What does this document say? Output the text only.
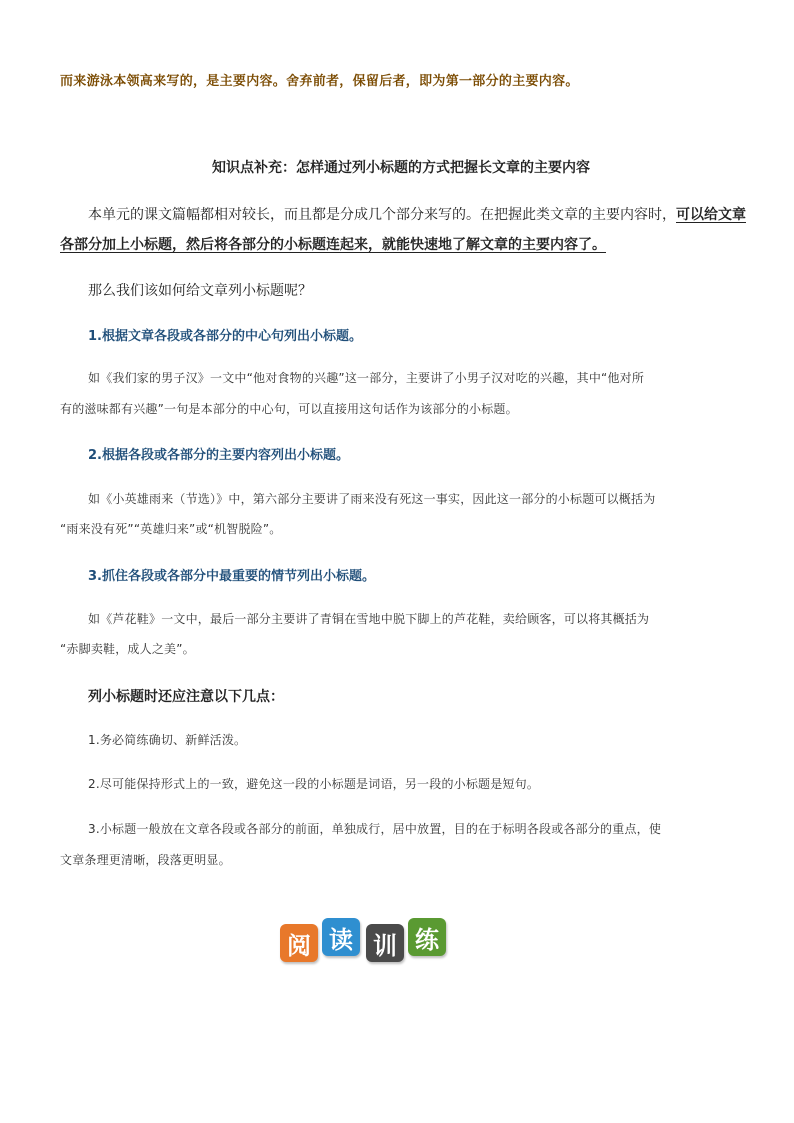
而来游泳本领高来写的，是主要内容。舍弃前者，保留后者，即为第一部分的主要内容。

知识点补充：怎样通过列小标题的方式把握长文章的主要内容

本单元的课文篇幅都相对较长，而且都是分成几个部分来写的。在把握此类文章的主要内容时，可以给文章

各部分加上小标题，然后将各部分的小标题连起来，就能快速地了解文章的主要内容了。

那么我们该如何给文章列小标题呢？

1.根据文章各段或各部分的中心句列出小标题。

如《我们家的男子汉》一文中“他对食物的兴趣”这一部分，主要讲了小男子汉对吃的兴趣，其中“他对所

有的滋味都有兴趣”一句是本部分的中心句，可以直接用这句话作为该部分的小标题。

2.根据各段或各部分的主要内容列出小标题。

如《小英雄雨来（节选）》中，第六部分主要讲了雨来没有死这一事实，因此这一部分的小标题可以概括为

“雨来没有死”“英雄归来”或“机智脱险”。

3.抓住各段或各部分中最重要的情节列出小标题。

如《芦花鞋》一文中，最后一部分主要讲了青铜在雪地中脱下脚上的芦花鞋，卖给顾客，可以将其概括为

“赤脚卖鞋，成人之美”。

列小标题时还应注意以下几点：

1.务必简练确切、新鲜活泼。

2.尽可能保持形式上的一致，避免这一段的小标题是词语，另一段的小标题是短句。

3.小标题一般放在文章各段或各部分的前面，单独成行，居中放置，目的在于标明各段或各部分的重点，使

文章条理更清晰，段落更明显。

阅 读 训 练
